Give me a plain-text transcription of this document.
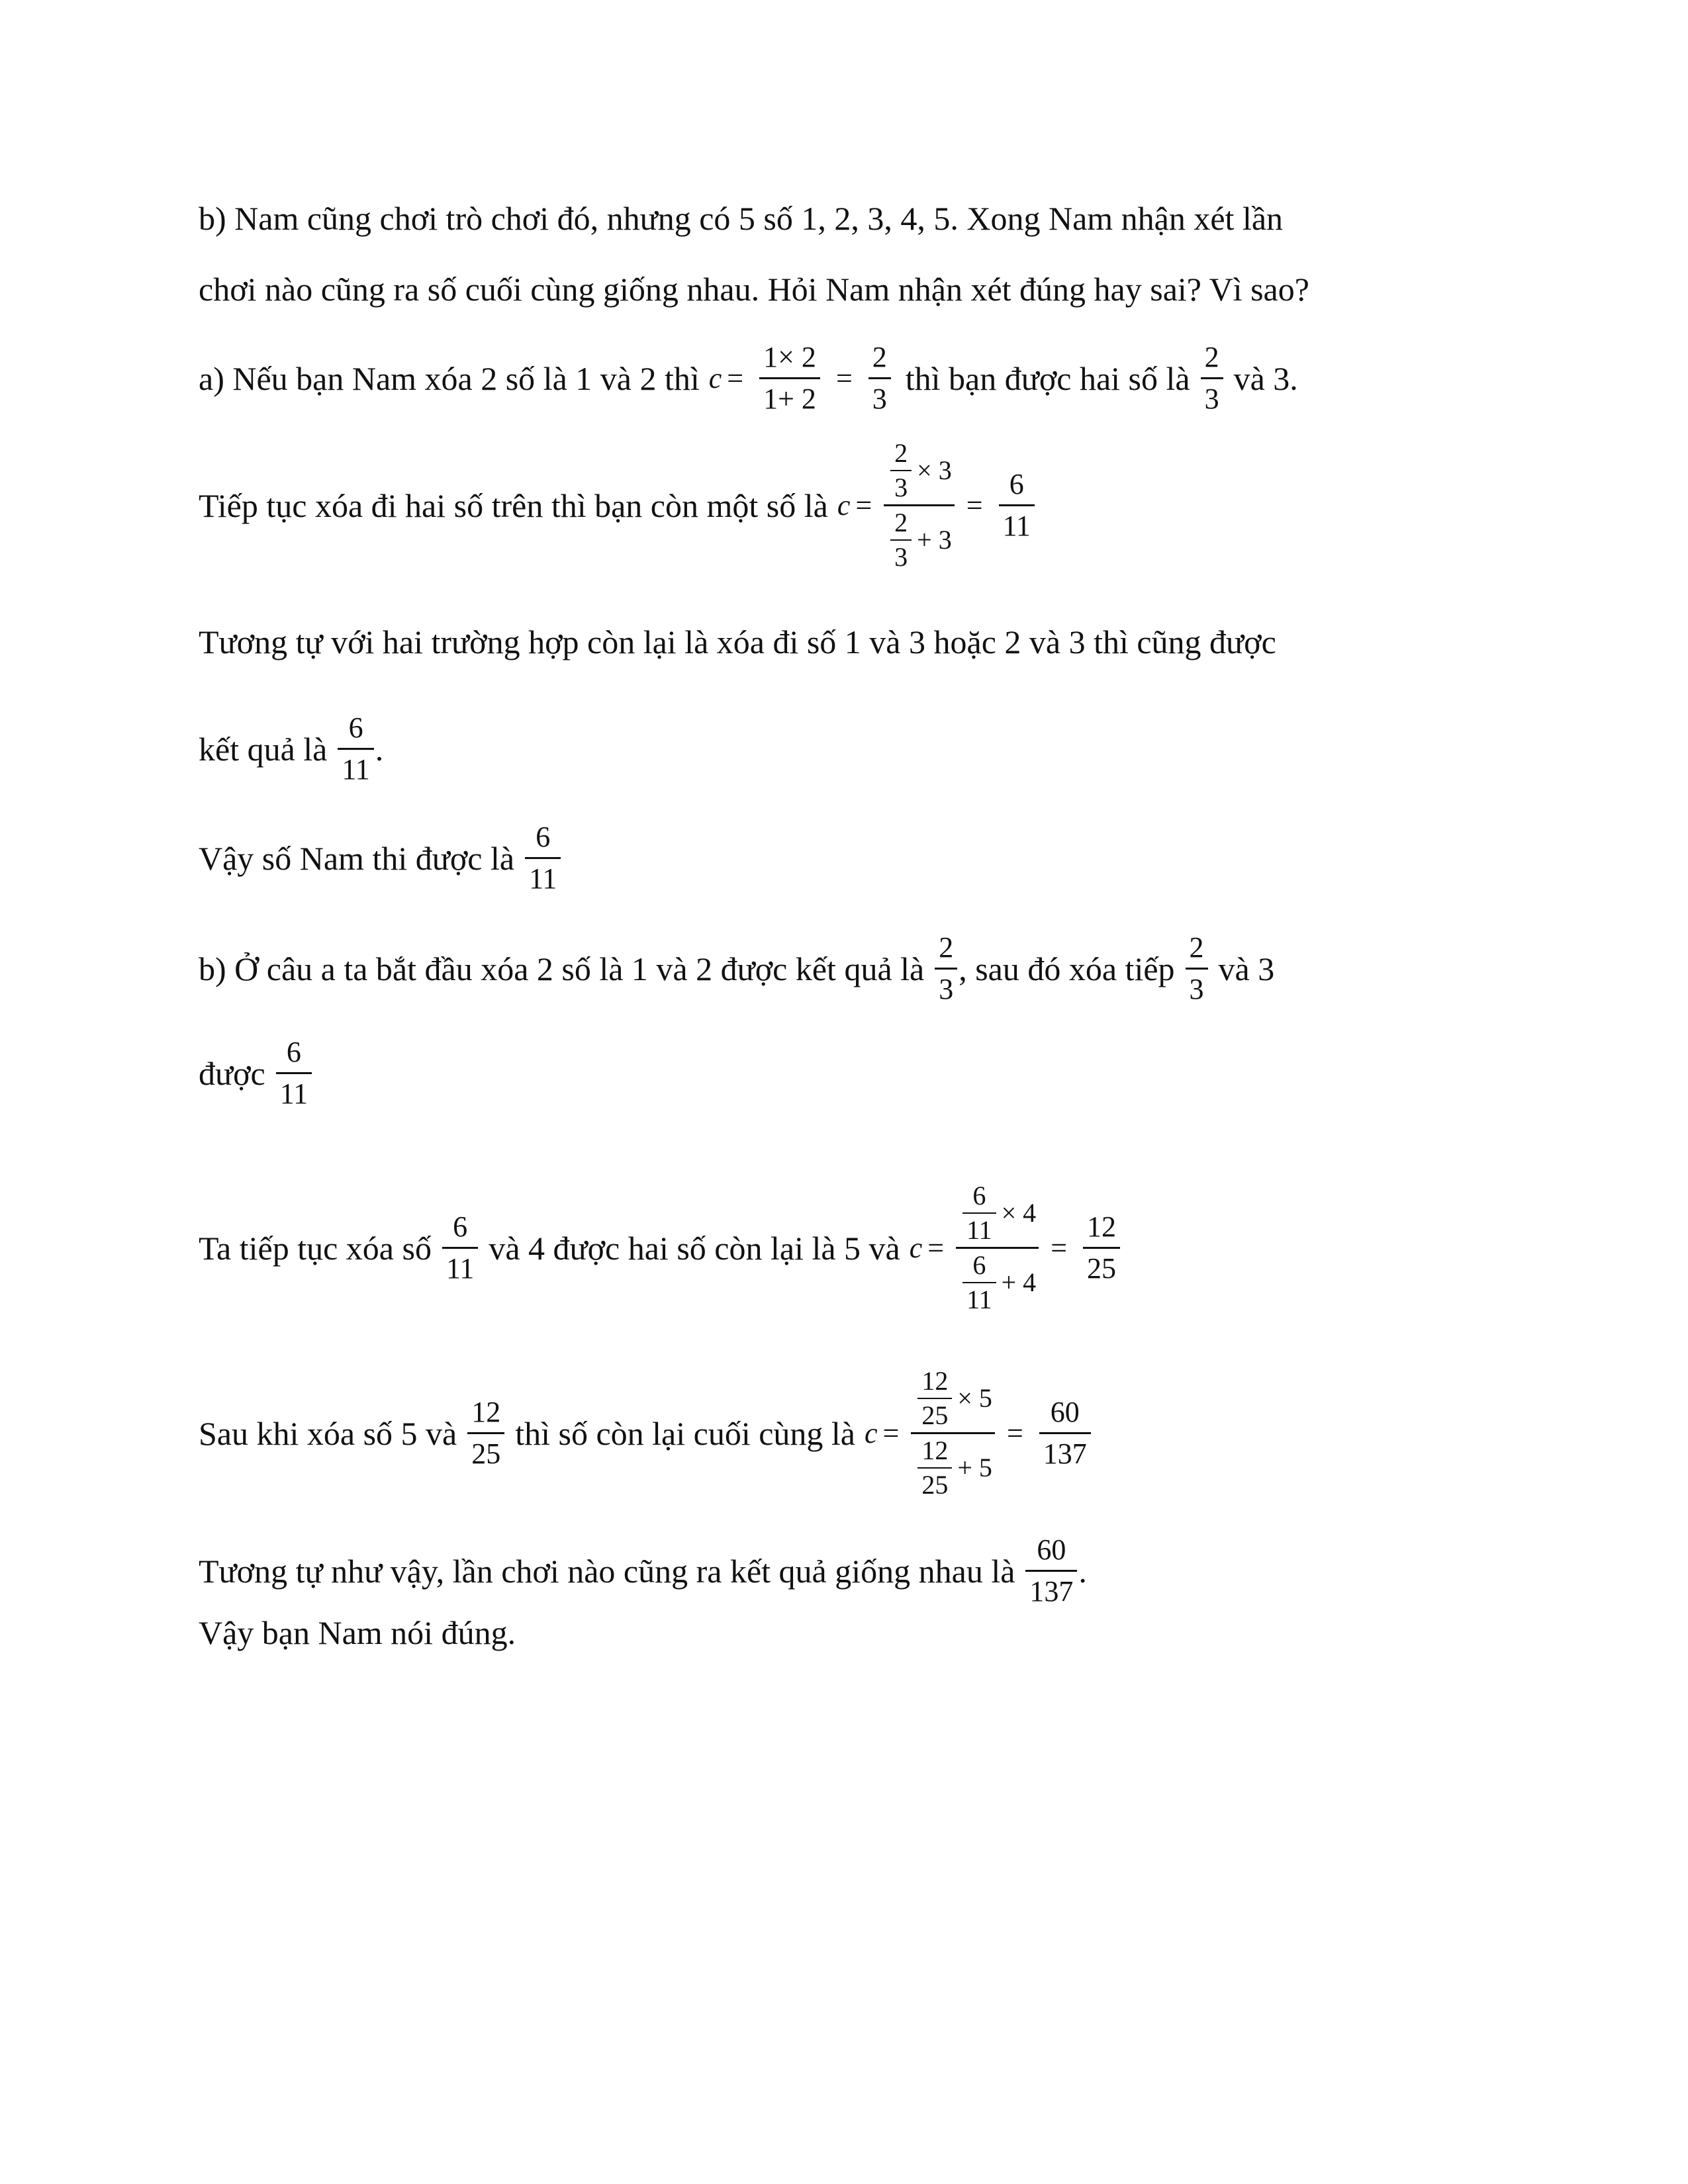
b) Nam cũng chơi trò chơi đó, nhưng có 5 số 1, 2, 3, 4, 5. Xong Nam nhận xét lần
chơi nào cũng ra số cuối cùng giống nhau. Hỏi Nam nhận xét đúng hay sai? Vì sao?
a) Nếu bạn Nam xóa 2 số là 1 và 2 thì $c = \frac{1\times 2}{1+ 2} = \frac{2}{3}$ thì bạn được hai số là $\frac{2}{3}$ và 3.
Tiếp tục xóa đi hai số trên thì bạn còn một số là $c = \frac{\frac{2}{3} \times 3}{\frac{2}{3} + 3} = \frac{6}{11}$
Tương tự với hai trường hợp còn lại là xóa đi số 1 và 3 hoặc 2 và 3 thì cũng được
kết quả là $\frac{6}{11}$ .
Vậy số Nam thi được là $\frac{6}{11}$
b) Ở câu a ta bắt đầu xóa 2 số là 1 và 2 được kết quả là $\frac{2}{3}$ , sau đó xóa tiếp $\frac{2}{3}$ và 3
được $\frac{6}{11}$
Ta tiếp tục xóa số $\frac{6}{11}$ và 4 được hai số còn lại là 5 và $c = \frac{\frac{6}{11} \times 4}{\frac{6}{11} + 4} = \frac{12}{25}$
Sau khi xóa số 5 và $\frac{12}{25}$ thì số còn lại cuối cùng là $c = \frac{\frac{12}{25} \times 5}{\frac{12}{25} + 5} = \frac{60}{137}$
Tương tự như vậy, lần chơi nào cũng ra kết quả giống nhau là $\frac{60}{137}$ .
Vậy bạn Nam nói đúng.
